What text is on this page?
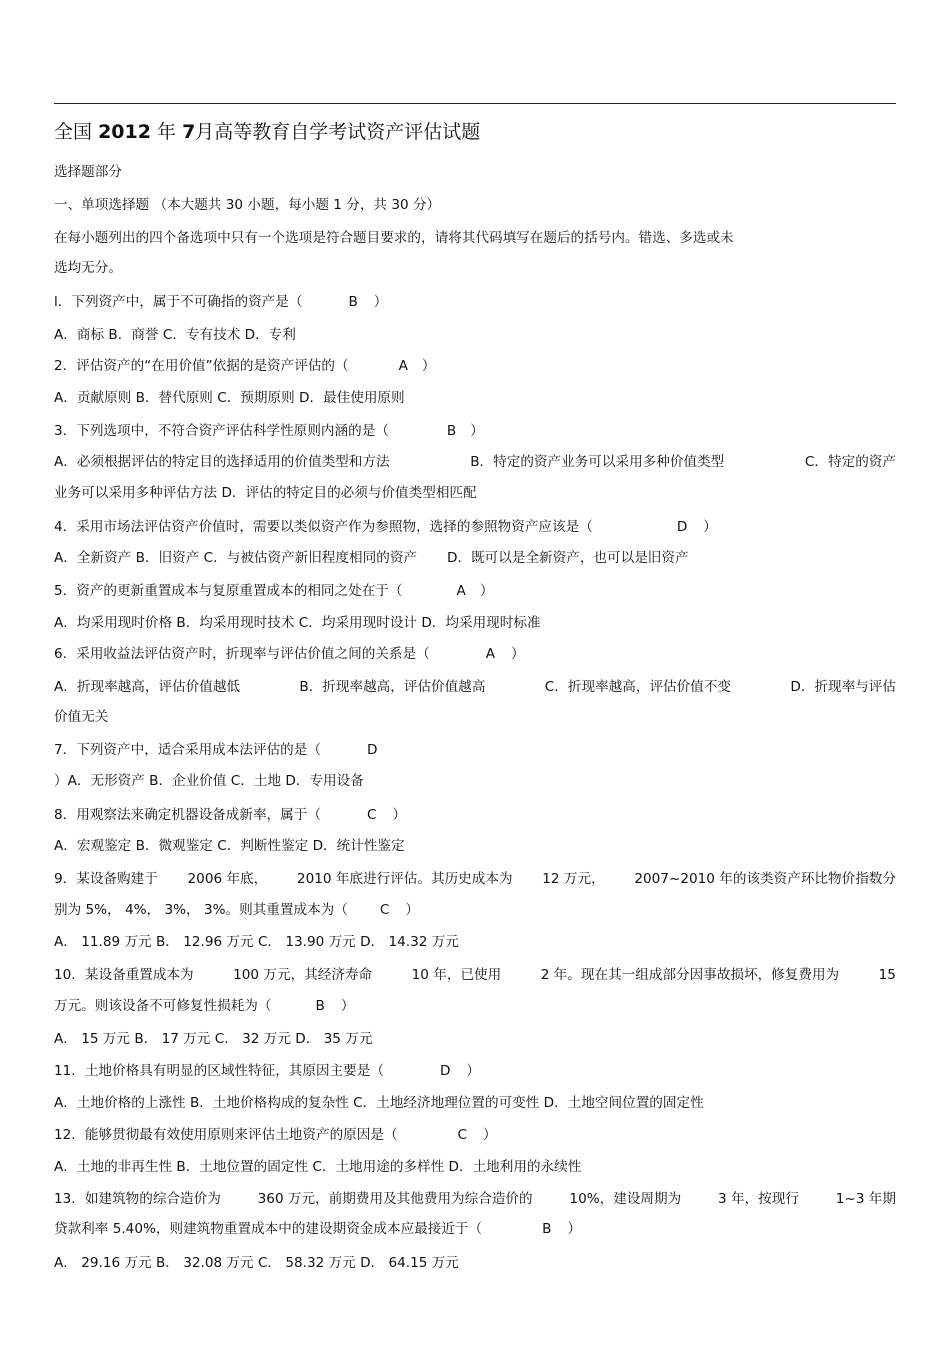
全国 2012 年 7月高等教育自学考试资产评估试题
选择题部分
一、单项选择题 （本大题共 30 小题，每小题 1 分，共 30 分）
在每小题列出的四个备选项中只有一个选项是符合题目要求的，请将其代码填写在题后的括号内。错选、多选或未
选均无分。
l．下列资产中，属于不可确指的资产是（	B ）
A．商标 B．商誉 C．专有技术 D．专利
2．评估资产的“在用价值”依据的是资产评估的（	A ）
A．贡献原则 B．替代原则 C．预期原则 D．最佳使用原则
3．下列选项中，不符合资产评估科学性原则内涵的是（	B ）
A．必须根据评估的特定目的选择适用的价值类型和方法	B．特定的资产业务可以采用多种价值类型	C．特定的资产
业务可以采用多种评估方法 D．评估的特定目的必须与价值类型相匹配
4．采用市场法评估资产价值时，需要以类似资产作为参照物，选择的参照物资产应该是（	D ）
A．全新资产 B．旧资产 C．与被估资产新旧程度相同的资产 D．既可以是全新资产，也可以是旧资产
5．资产的更新重置成本与复原重置成本的相同之处在于（	A ）
A．均采用现时价格 B．均采用现时技术 C．均采用现时设计 D．均采用现时标准
6．采用收益法评估资产时，折现率与评估价值之间的关系是（	A ）
A．折现率越高，评估价值越低	B．折现率越高，评估价值越高	C．折现率越高，评估价值不变	D．折现率与评估
价值无关
7．下列资产中，适合采用成本法评估的是（	D
）A．无形资产 B．企业价值 C．土地 D．专用设备
8．用观察法来确定机器设备成新率，属于（	C ）
A．宏观鉴定 B．微观鉴定 C．判断性鉴定 D．统计性鉴定
9．某设备购建于 2006 年底， 2010 年底进行评估。其历史成本为 12 万元， 2007~2010 年的该类资产环比物价指数分
别为 5%， 4%， 3%， 3%。则其重置成本为（ C ）
A． 11.89 万元 B． 12.96 万元 C． 13.90 万元 D． 14.32 万元
10．某设备重置成本为	100 万元，其经济寿命	10 年，已使用	2 年。现在其一组成部分因事故损坏，修复费用为	15
万元。则该设备不可修复性损耗为（	B ）
A． 15 万元 B． 17 万元 C． 32 万元 D． 35 万元
11．土地价格具有明显的区域性特征，其原因主要是（	D ）
A．土地价格的上涨性 B．土地价格构成的复杂性 C．土地经济地理位置的可变性 D．土地空间位置的固定性
12．能够贯彻最有效使用原则来评估土地资产的原因是（	C ）
A．土地的非再生性 B．土地位置的固定性 C．土地用途的多样性 D．土地利用的永续性
13．如建筑物的综合造价为	360 万元，前期费用及其他费用为综合造价的	10%，建设周期为	3 年，按现行	1~3 年期
贷款利率 5.40%，则建筑物重置成本中的建设期资金成本应最接近于（	B ）
A． 29.16 万元 B． 32.08 万元 C． 58.32 万元 D． 64.15 万元
